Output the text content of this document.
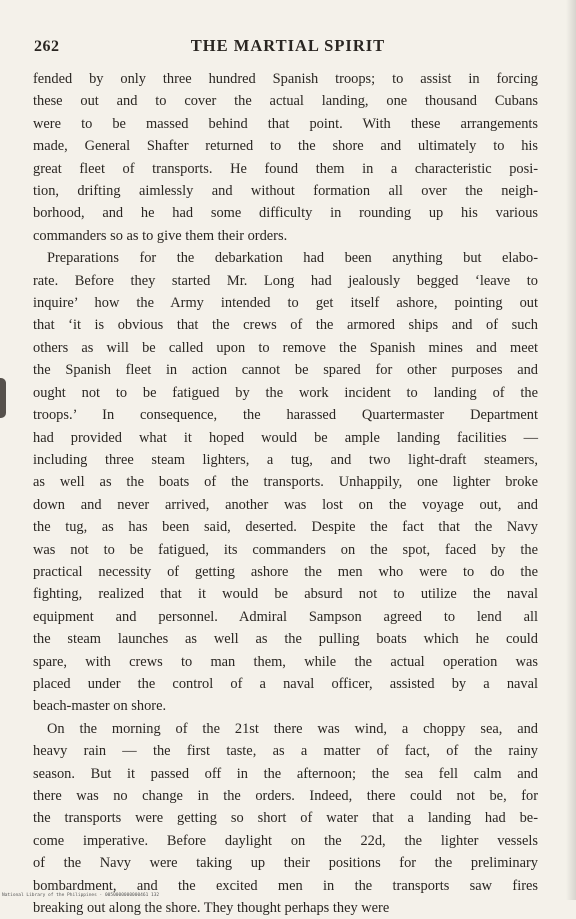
262	THE MARTIAL SPIRIT

fended by only three hundred Spanish troops; to assist in forcing
these out and to cover the actual landing, one thousand Cubans
were to be massed behind that point. With these arrangements
made, General Shafter returned to the shore and ultimately to his
great fleet of transports. He found them in a characteristic posi-
tion, drifting aimlessly and without formation all over the neigh-
borhood, and he had some difficulty in rounding up his various
commanders so as to give them their orders.

Preparations for the debarkation had been anything but elabo-
rate. Before they started Mr. Long had jealously begged ‘leave to
inquire’ how the Army intended to get itself ashore, pointing out
that ‘it is obvious that the crews of the armored ships and of such
others as will be called upon to remove the Spanish mines and meet
the Spanish fleet in action cannot be spared for other purposes and
ought not to be fatigued by the work incident to landing of the
troops.’ In consequence, the harassed Quartermaster Department
had provided what it hoped would be ample landing facilities —
including three steam lighters, a tug, and two light-draft steamers,
as well as the boats of the transports. Unhappily, one lighter broke
down and never arrived, another was lost on the voyage out, and
the tug, as has been said, deserted. Despite the fact that the Navy
was not to be fatigued, its commanders on the spot, faced by the
practical necessity of getting ashore the men who were to do the
fighting, realized that it would be absurd not to utilize the naval
equipment and personnel. Admiral Sampson agreed to lend all
the steam launches as well as the pulling boats which he could
spare, with crews to man them, while the actual operation was
placed under the control of a naval officer, assisted by a naval
beach-master on shore.

On the morning of the 21st there was wind, a choppy sea, and
heavy rain — the first taste, as a matter of fact, of the rainy
season. But it passed off in the afternoon; the sea fell calm and
there was no change in the orders. Indeed, there could not be, for
the transports were getting so short of water that a landing had be-
come imperative. Before daylight on the 22d, the lighter vessels
of the Navy were taking up their positions for the preliminary
bombardment, and the excited men in the transports saw fires
breaking out along the shore. They thought perhaps they were

National Library of the Philippines · 0050000000000461 132
